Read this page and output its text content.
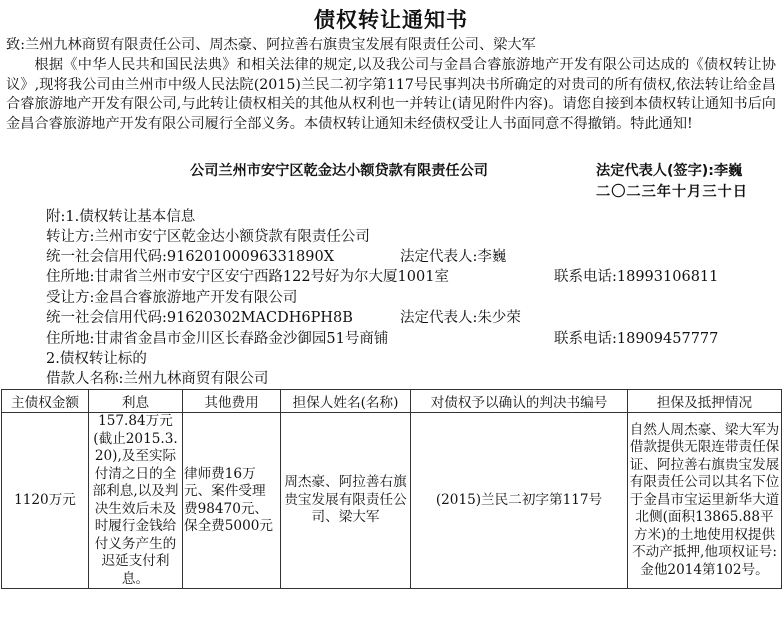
债权转让通知书
致:兰州九林商贸有限责任公司、周杰豪、阿拉善右旗贵宝发展有限责任公司、梁大军
根据《中华人民共和国民法典》和相关法律的规定,以及我公司与金昌合睿旅游地产开发有限公司达成的《债权转让协议》,现将我公司由兰州市中级人民法院(2015)兰民二初字第117号民事判决书所确定的对贵司的所有债权,依法转让给金昌合睿旅游地产开发有限公司,与此转让债权相关的其他从权利也一并转让(请见附件内容)。请您自接到本债权转让通知书后向金昌合睿旅游地产开发有限公司履行全部义务。本债权转让通知未经债权受让人书面同意不得撤销。特此通知!
公司兰州市安宁区乾金达小额贷款有限责任公司	法定代表人(签字):李巍
二〇二三年十月三十日
附:1.债权转让基本信息
转让方:兰州市安宁区乾金达小额贷款有限责任公司
统一社会信用代码:91620100096331890X	法定代表人:李巍
住所地:甘肃省兰州市安宁区安宁西路122号好为尔大厦1001室	联系电话:18993106811
受让方:金昌合睿旅游地产开发有限公司
统一社会信用代码:91620302MACDH6PH8B	法定代表人:朱少荣
住所地:甘肃省金昌市金川区长春路金沙御园51号商铺	联系电话:18909457777
2.债权转让标的
借款人名称:兰州九林商贸有限公司
主债权金额	利息	其他费用	担保人姓名(名称)	对债权予以确认的判决书编号	担保及抵押情况
1120万元	157.84万元(截止2015.3.20),及至实际付清之日的全部利息,以及判决生效后未及时履行金钱给付义务产生的迟延支付利息。	律师费16万元、案件受理费98470元、保全费5000元	周杰豪、阿拉善右旗贵宝发展有限责任公司、梁大军	(2015)兰民二初字第117号	自然人周杰豪、梁大军为借款提供无限连带责任保证、阿拉善右旗贵宝发展有限责任公司以其名下位于金昌市宝运里新华大道北侧(面积13865.88平方米)的土地使用权提供不动产抵押,他项权证号:金他2014第102号。
